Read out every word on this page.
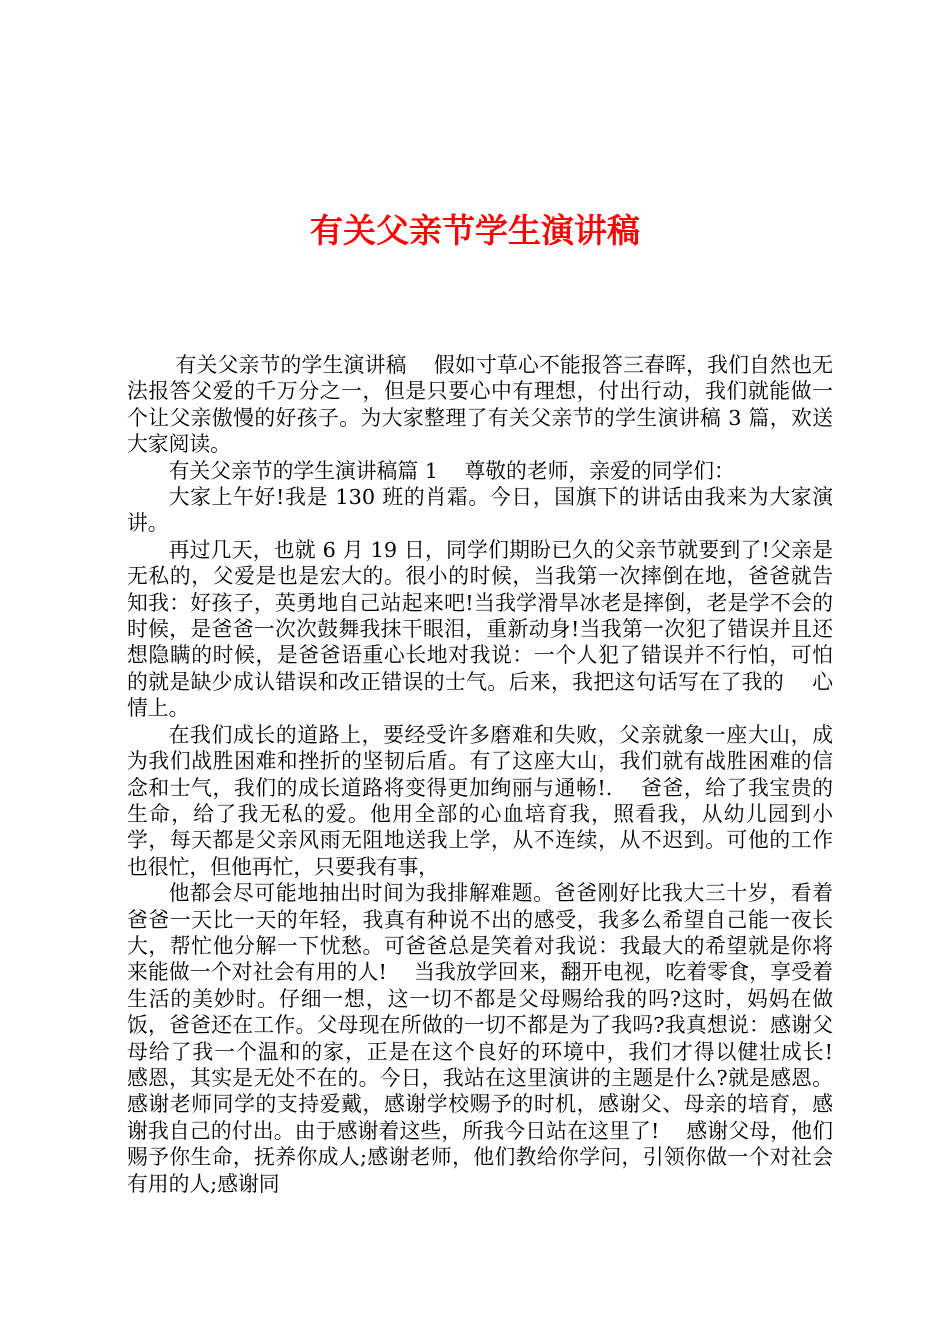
有关父亲节学生演讲稿

有关父亲节的学生演讲稿    假如寸草心不能报答三春晖，我们自然也无法报答父爱的千万分之一，但是只要心中有理想，付出行动，我们就能做一个让父亲傲慢的好孩子。为大家整理了有关父亲节的学生演讲稿 3 篇，欢送大家阅读。

有关父亲节的学生演讲稿篇 1    尊敬的老师，亲爱的同学们：

大家上午好!我是 130 班的肖霜。今日，国旗下的讲话由我来为大家演讲。

再过几天，也就 6 月 19 日，同学们期盼已久的父亲节就要到了!父亲是无私的，父爱是也是宏大的。很小的时候，当我第一次摔倒在地，爸爸就告知我：好孩子，英勇地自己站起来吧!当我学滑旱冰老是摔倒，老是学不会的时候，是爸爸一次次鼓舞我抹干眼泪，重新动身!当我第一次犯了错误并且还想隐瞒的时候，是爸爸语重心长地对我说：一个人犯了错误并不行怕，可怕的就是缺少成认错误和改正错误的士气。后来，我把这句话写在了我的    心情上。

在我们成长的道路上，要经受许多磨难和失败，父亲就象一座大山，成为我们战胜困难和挫折的坚韧后盾。有了这座大山，我们就有战胜困难的信念和士气，我们的成长道路将变得更加绚丽与通畅!.    爸爸，给了我宝贵的生命，给了我无私的爱。他用全部的心血培育我，照看我，从幼儿园到小学，每天都是父亲风雨无阻地送我上学，从不连续，从不迟到。可他的工作也很忙，但他再忙，只要我有事，

他都会尽可能地抽出时间为我排解难题。爸爸刚好比我大三十岁，看着爸爸一天比一天的年轻，我真有种说不出的感受，我多么希望自己能一夜长大，帮忙他分解一下忧愁。可爸爸总是笑着对我说：我最大的希望就是你将来能做一个对社会有用的人!    当我放学回来，翻开电视，吃着零食，享受着生活的美妙时。仔细一想，这一切不都是父母赐给我的吗?这时，妈妈在做饭，爸爸还在工作。父母现在所做的一切不都是为了我吗?我真想说：感谢父母给了我一个温和的家，正是在这个良好的环境中，我们才得以健壮成长!    感恩，其实是无处不在的。今日，我站在这里演讲的主题是什么?就是感恩。感谢老师同学的支持爱戴，感谢学校赐予的时机，感谢父、母亲的培育，感谢我自己的付出。由于感谢着这些，所我今日站在这里了!    感谢父母，他们赐予你生命，抚养你成人;感谢老师，他们教给你学问，引领你做一个对社会有用的人;感谢同
